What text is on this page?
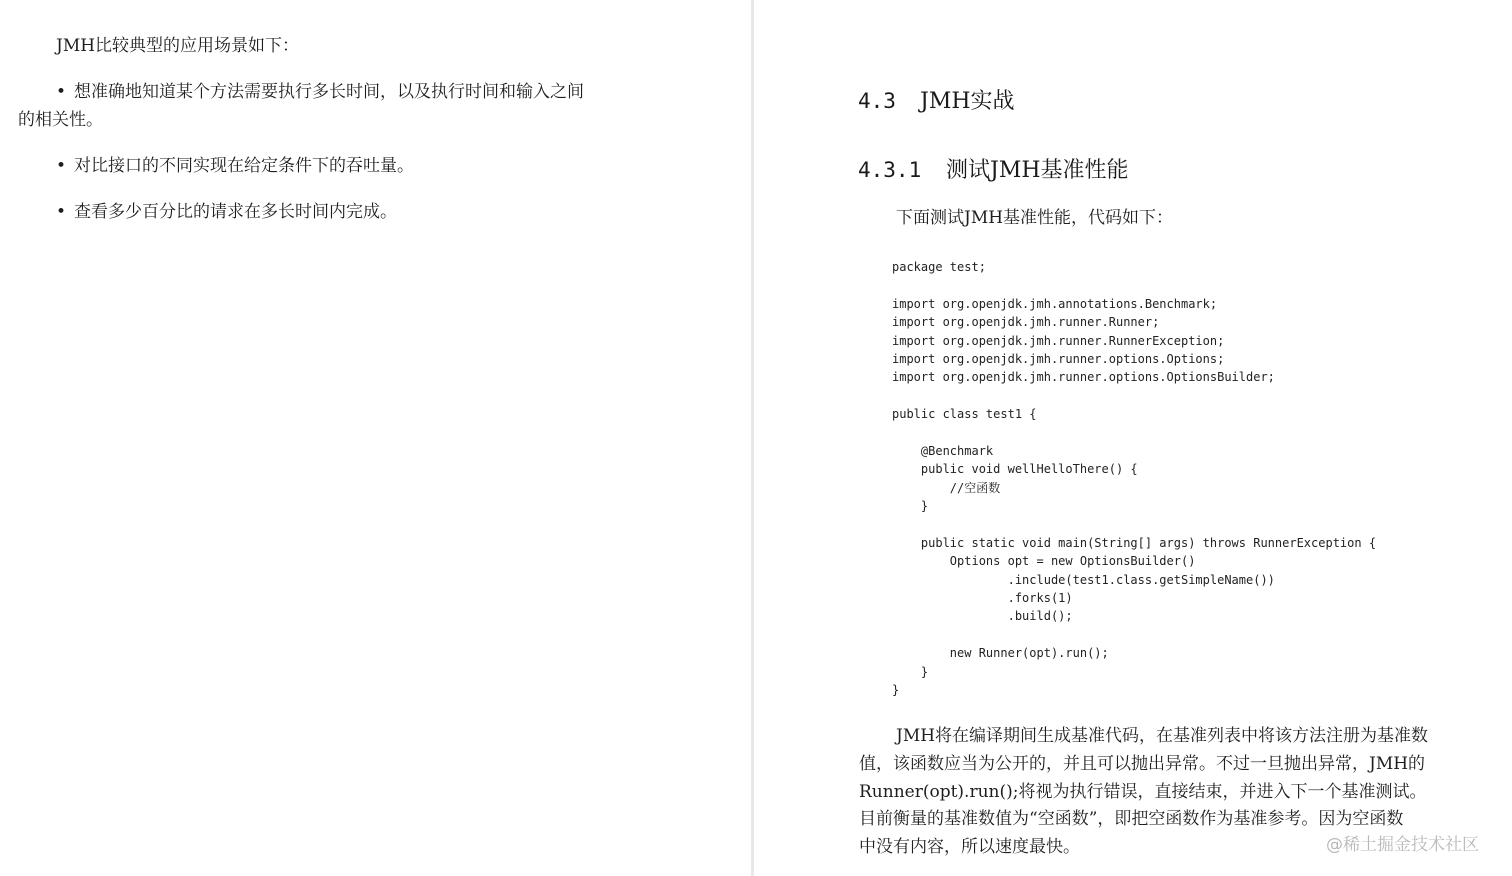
JMH比较典型的应用场景如下：
• 想准确地知道某个方法需要执行多长时间，以及执行时间和输入之间
的相关性。
• 对比接口的不同实现在给定条件下的吞吐量。
• 查看多少百分比的请求在多长时间内完成。
4.3 JMH实战
4.3.1 测试JMH基准性能
下面测试JMH基准性能，代码如下：
package test;
import org.openjdk.jmh.annotations.Benchmark;
import org.openjdk.jmh.runner.Runner;
import org.openjdk.jmh.runner.RunnerException;
import org.openjdk.jmh.runner.options.Options;
import org.openjdk.jmh.runner.options.OptionsBuilder;
public class test1 {
@Benchmark
public void wellHelloThere() {
//空函数
}
public static void main(String[] args) throws RunnerException {
Options opt = new OptionsBuilder()
.include(test1.class.getSimpleName())
.forks(1)
.build();
new Runner(opt).run();
}
}
JMH将在编译期间生成基准代码，在基准列表中将该方法注册为基准数
值，该函数应当为公开的，并且可以抛出异常。不过一旦抛出异常，JMH的
Runner(opt).run();将视为执行错误，直接结束，并进入下一个基准测试。
目前衡量的基准数值为“空函数”，即把空函数作为基准参考。因为空函数
中没有内容，所以速度最快。	@稀土掘金技术社区
